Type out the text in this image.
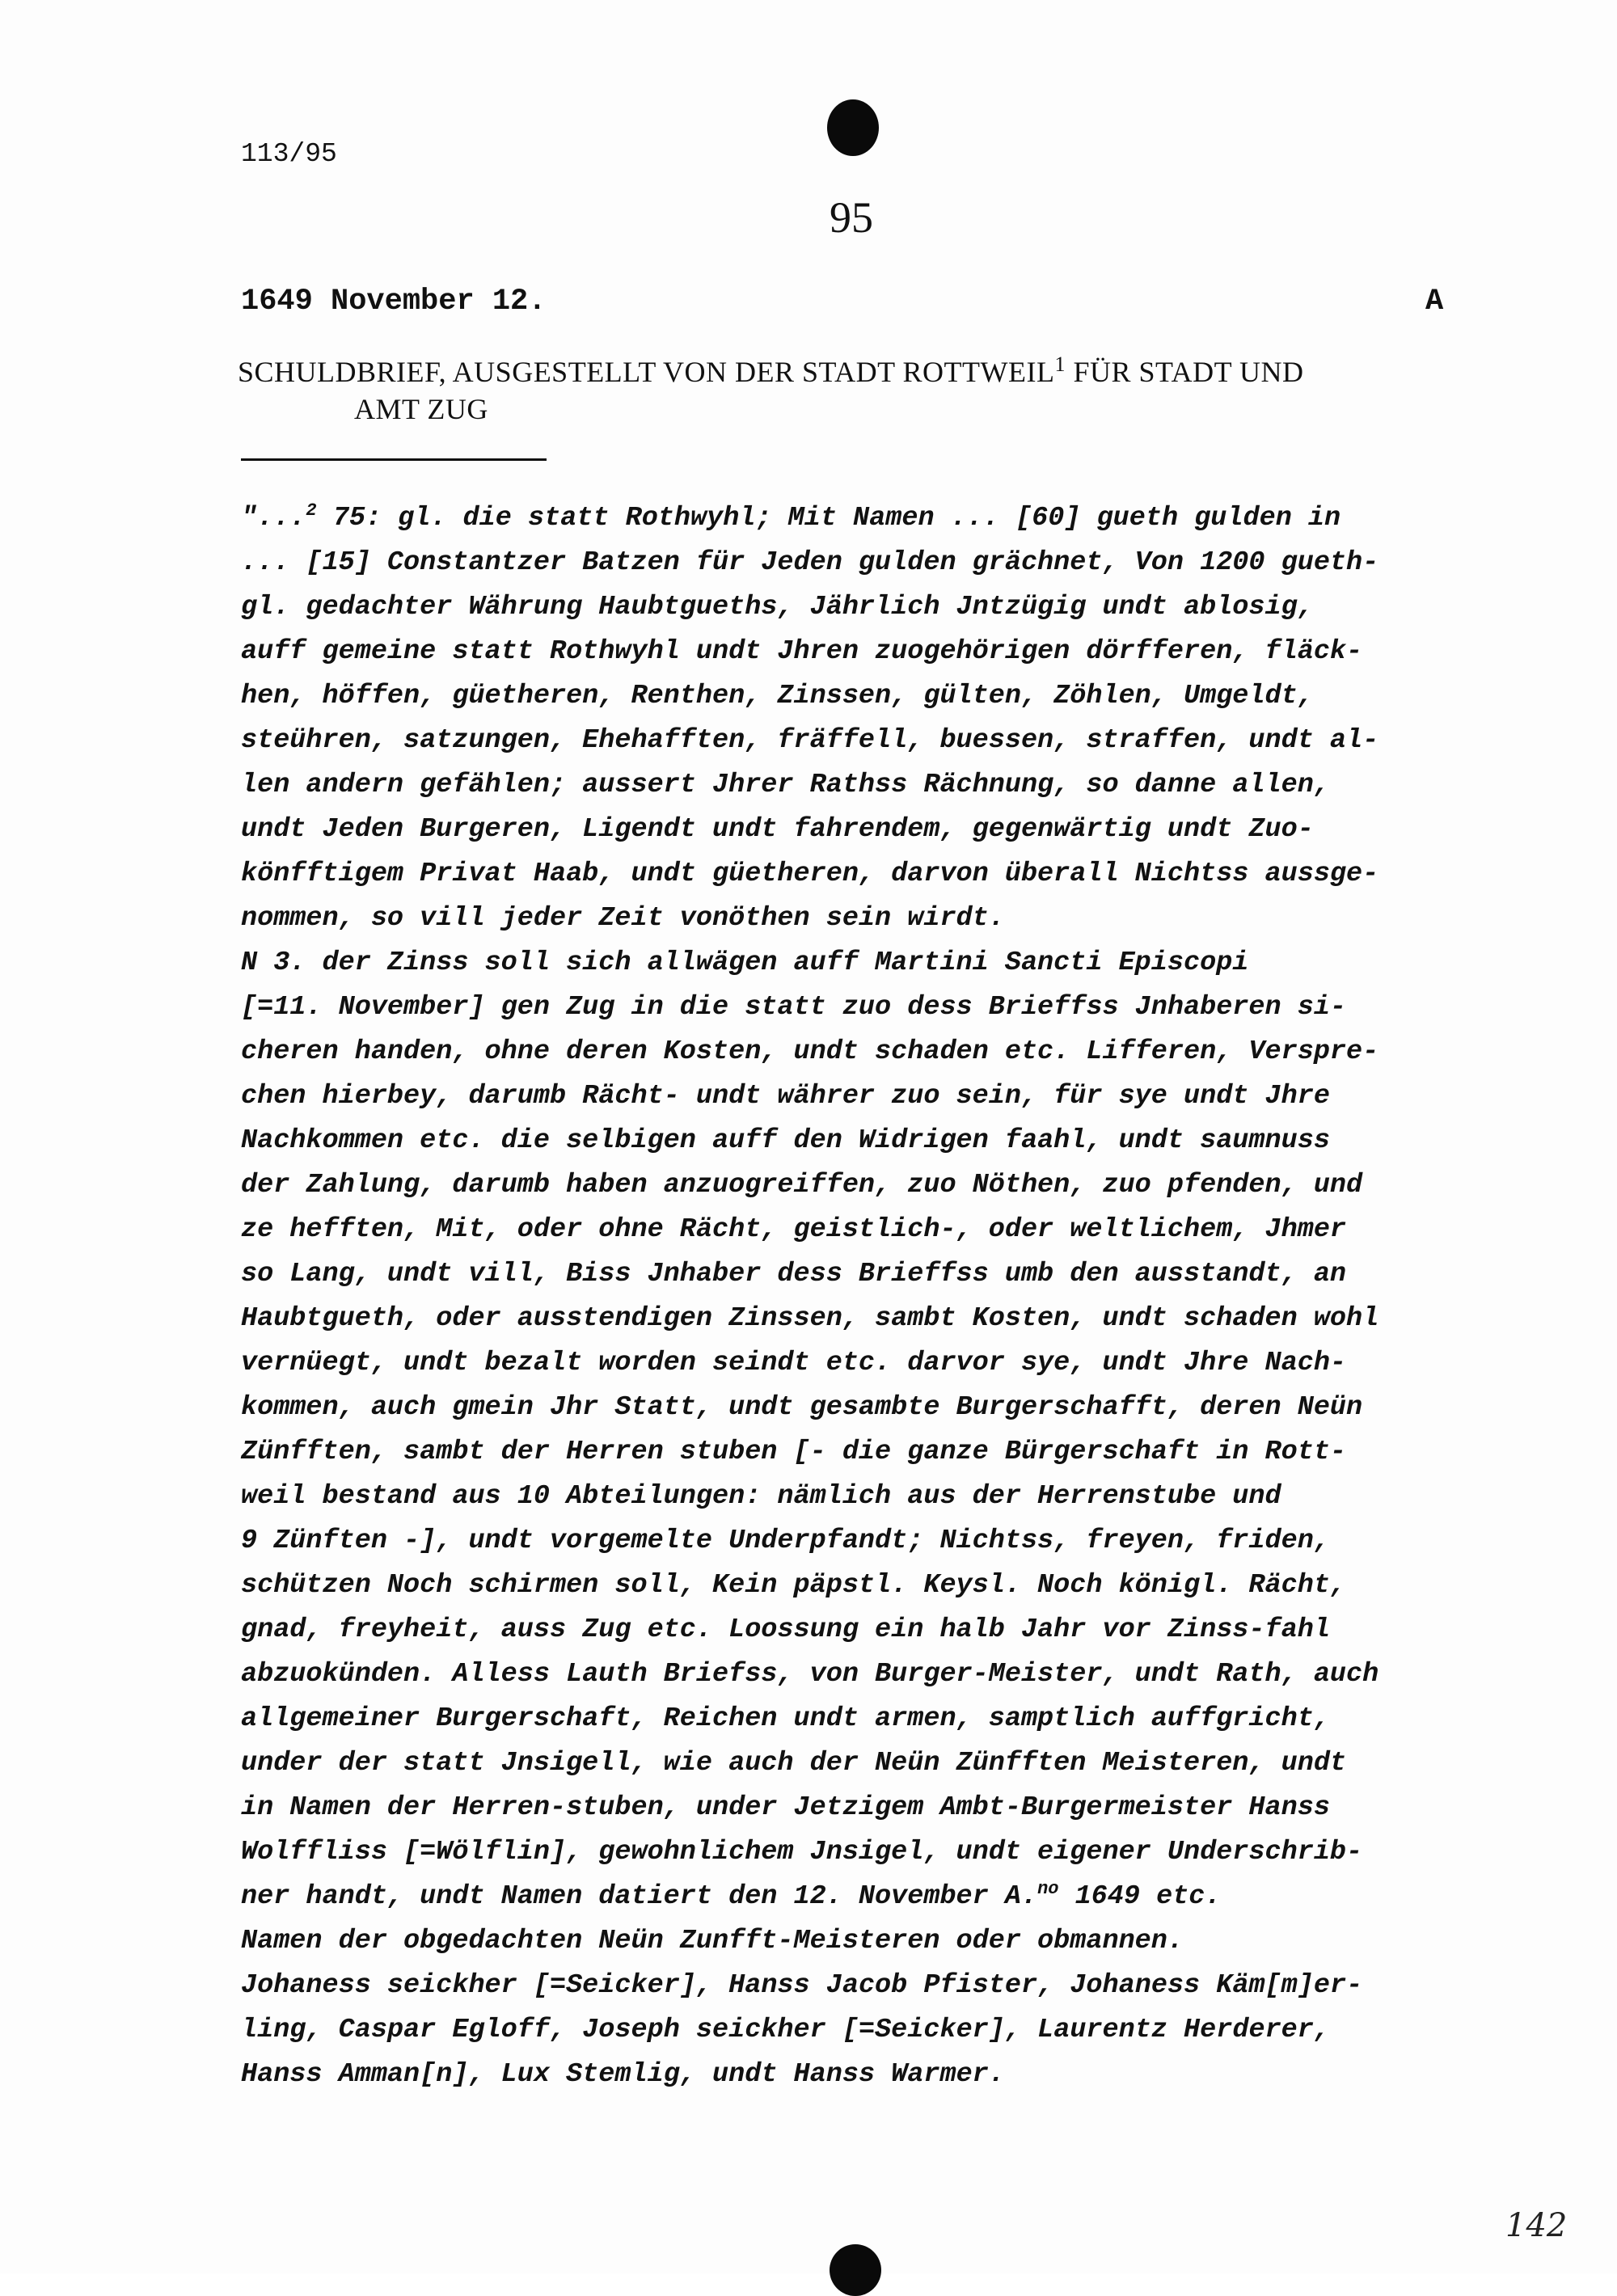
113/95
95
1649 November 12.	A
SCHULDBRIEF, AUSGESTELLT VON DER STADT ROTTWEIL$^1$ FÜR STADT UND
AMT ZUG
"...$^2$ 75: gl. die statt Rothwyhl; Mit Namen ... [60] gueth gulden in
... [15] Constantzer Batzen für Jeden gulden grächnet, Von 1200 gueth-
gl. gedachter Währung Haubtgueths, Jährlich Jntzügig undt ablosig,
auff gemeine statt Rothwyhl undt Jhren zuogehörigen dörfferen, fläck-
hen, höffen, güetheren, Renthen, Zinssen, gülten, Zöhlen, Umgeldt,
steühren, satzungen, Ehehafften, fräffell, buessen, straffen, undt al-
len andern gefählen; aussert Jhrer Rathss Rächnung, so danne allen,
undt Jeden Burgeren, Ligendt undt fahrendem, gegenwärtig undt Zuo-
könfftigem Privat Haab, undt güetheren, darvon überall Nichtss aussge-
nommen, so vill jeder Zeit vonöthen sein wirdt.
N 3. der Zinss soll sich allwägen auff Martini Sancti Episcopi
[=11. November] gen Zug in die statt zuo dess Brieffss Jnhaberen si-
cheren handen, ohne deren Kosten, undt schaden etc. Lifferen, Verspre-
chen hierbey, darumb Rächt- undt währer zuo sein, für sye undt Jhre
Nachkommen etc. die selbigen auff den Widrigen faahl, undt saumnuss
der Zahlung, darumb haben anzuogreiffen, zuo Nöthen, zuo pfenden, und
ze hefften, Mit, oder ohne Rächt, geistlich-, oder weltlichem, Jhmer
so Lang, undt vill, Biss Jnhaber dess Brieffss umb den ausstandt, an
Haubtgueth, oder ausstendigen Zinssen, sambt Kosten, undt schaden wohl
vernüegt, undt bezalt worden seindt etc. darvor sye, undt Jhre Nach-
kommen, auch gmein Jhr Statt, undt gesambte Burgerschafft, deren Neün
Zünfften, sambt der Herren stuben [- die ganze Bürgerschaft in Rott-
weil bestand aus 10 Abteilungen: nämlich aus der Herrenstube und
9 Zünften -], undt vorgemelte Underpfandt; Nichtss, freyen, friden,
schützen Noch schirmen soll, Kein päpstl. Keysl. Noch königl. Rächt,
gnad, freyheit, auss Zug etc. Loossung ein halb Jahr vor Zinss-fahl
abzuokünden. Alless Lauth Briefss, von Burger-Meister, undt Rath, auch
allgemeiner Burgerschaft, Reichen undt armen, samptlich auffgricht,
under der statt Jnsigell, wie auch der Neün Zünfften Meisteren, undt
in Namen der Herren-stuben, under Jetzigem Ambt-Burgermeister Hanss
Wolffliss [=Wölflin], gewohnlichem Jnsigel, undt eigener Underschrib-
ner handt, undt Namen datiert den 12. November A.$^{no}$ 1649 etc.
Namen der obgedachten Neün Zunfft-Meisteren oder obmannen.
Johaness seickher [=Seicker], Hanss Jacob Pfister, Johaness Käm[m]er-
ling, Caspar Egloff, Joseph seickher [=Seicker], Laurentz Herderer,
Hanss Amman[n], Lux Stemlig, undt Hanss Warmer.
142
